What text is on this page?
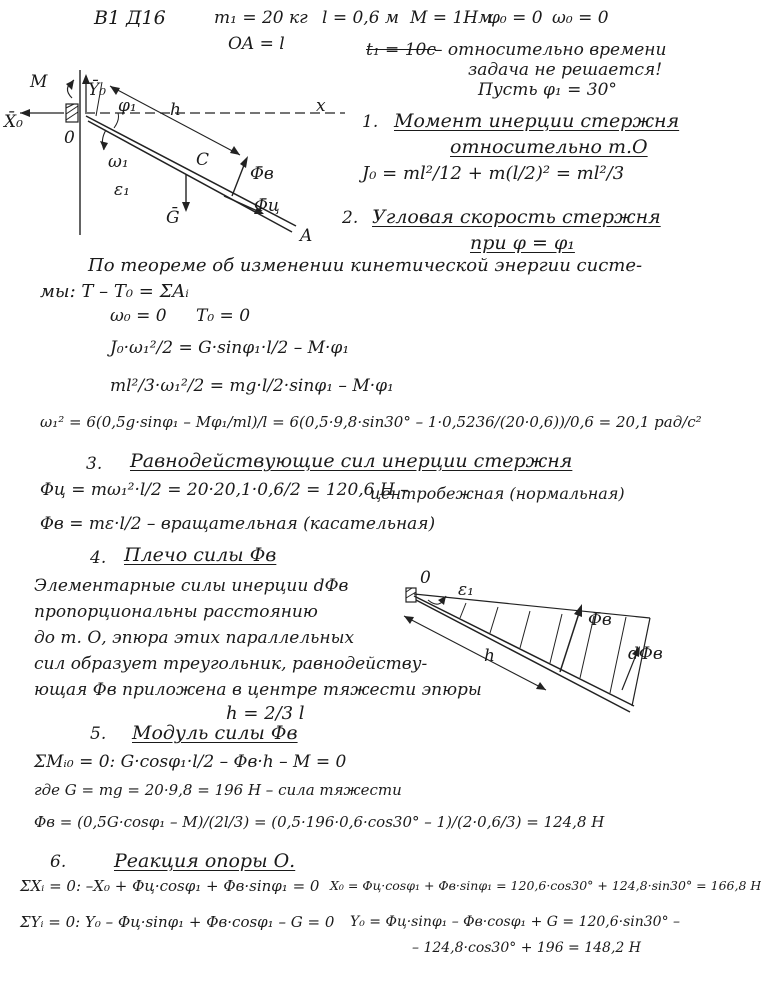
В1 Д16	m₁ = 20 кг
OA = l
l = 0,6 м M = 1Нм
φ₀ = 0 ω₀ = 0
t₁ = 10с
– относительно времени
задача не решается!
Пусть φ₁ = 30°
M
X̄₀
Ȳ₀
0
x
φ₁ h
ω₁
ε₁
C
Ḡ
Φ̄в
Φ̄ц
A
1. Момент инерции стержня
относительно т.О
J₀ = ml²/12 + m(l/2)² = ml²/3
2. Угловая скорость стержня
при φ = φ₁
По теореме об изменении кинетической энергии систе-
мы: T – T₀ = ΣAᵢ
ω₀ = 0 T₀ = 0
J₀·ω₁²/2 = G·sinφ₁·l/2 – M·φ₁
ml²/3·ω₁²/2 = mg·l/2·sinφ₁ – M·φ₁
ω₁² = 6(0,5g·sinφ₁ – Mφ₁/ml)/l = 6(0,5·9,8·sin30° – 1·0,5236/(20·0,6))/0,6 = 20,1 рад/с²
3. Равнодействующие сил инерции стержня
Φц = mω₁²·l/2 = 20·20,1·0,6/2 = 120,6 H –
центробежная (нормальная)
Φв = mε·l/2 – вращательная (касательная)
4. Плечо силы Φв
Элементарные силы инерции dΦв
пропорциональны расстоянию
до т. О, эпюра этих параллельных
сил образует треугольник, равнодейству-
ющая Φв приложена в центре тяжести эпюры
h = 2/3 l
0
ε₁
Φ̄в
dΦв
h
5. Модуль силы Φв
ΣMᵢ₀ = 0: G·cosφ₁·l/2 – Φв·h – M = 0
где G = mg = 20·9,8 = 196 H – сила тяжести
Φв = (0,5G·cosφ₁ – M)/(2l/3) = (0,5·196·0,6·cos30° – 1)/(2·0,6/3) = 124,8 H
6.	Реакция опоры О.
ΣXᵢ = 0: –X₀ + Φц·cosφ₁ + Φв·sinφ₁ = 0 X₀ = Φц·cosφ₁ + Φв·sinφ₁ = 120,6·cos30° + 124,8·sin30° = 166,8 H
ΣYᵢ = 0: Y₀ – Φц·sinφ₁ + Φв·cosφ₁ – G = 0 Y₀ = Φц·sinφ₁ – Φв·cosφ₁ + G = 120,6·sin30° –
– 124,8·cos30° + 196 = 148,2 H
